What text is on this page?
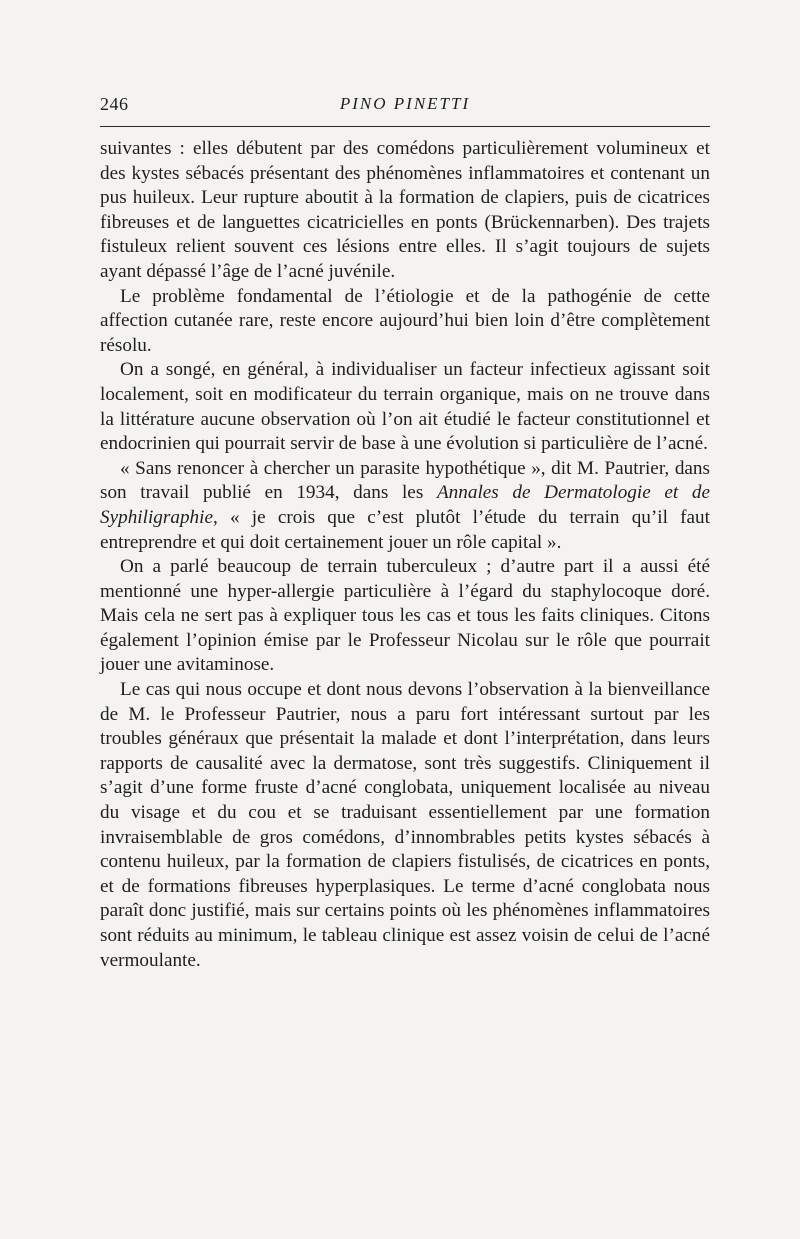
246	PINO PINETTI

suivantes : elles débutent par des comédons particulièrement volumineux et des kystes sébacés présentant des phénomènes inflammatoires et contenant un pus huileux. Leur rupture aboutit à la formation de clapiers, puis de cicatrices fibreuses et de languettes cicatricielles en ponts (Brückennarben). Des trajets fistuleux relient souvent ces lésions entre elles. Il s’agit toujours de sujets ayant dépassé l’âge de l’acné juvénile.

Le problème fondamental de l’étiologie et de la pathogénie de cette affection cutanée rare, reste encore aujourd’hui bien loin d’être complètement résolu.

On a songé, en général, à individualiser un facteur infectieux agissant soit localement, soit en modificateur du terrain organique, mais on ne trouve dans la littérature aucune observation où l’on ait étudié le facteur constitutionnel et endocrinien qui pourrait servir de base à une évolution si particulière de l’acné.

« Sans renoncer à chercher un parasite hypothétique », dit M. Pautrier, dans son travail publié en 1934, dans les Annales de Dermatologie et de Syphiligraphie, « je crois que c’est plutôt l’étude du terrain qu’il faut entreprendre et qui doit certainement jouer un rôle capital ».

On a parlé beaucoup de terrain tuberculeux ; d’autre part il a aussi été mentionné une hyper-allergie particulière à l’égard du staphylocoque doré. Mais cela ne sert pas à expliquer tous les cas et tous les faits cliniques. Citons également l’opinion émise par le Professeur Nicolau sur le rôle que pourrait jouer une avitaminose.

Le cas qui nous occupe et dont nous devons l’observation à la bienveillance de M. le Professeur Pautrier, nous a paru fort intéressant surtout par les troubles généraux que présentait la malade et dont l’interprétation, dans leurs rapports de causalité avec la dermatose, sont très suggestifs. Cliniquement il s’agit d’une forme fruste d’acné conglobata, uniquement localisée au niveau du visage et du cou et se traduisant essentiellement par une formation invraisemblable de gros comédons, d’innombrables petits kystes sébacés à contenu huileux, par la formation de clapiers fistulisés, de cicatrices en ponts, et de formations fibreuses hyperplasiques. Le terme d’acné conglobata nous paraît donc justifié, mais sur certains points où les phénomènes inflammatoires sont réduits au minimum, le tableau clinique est assez voisin de celui de l’acné vermoulante.
